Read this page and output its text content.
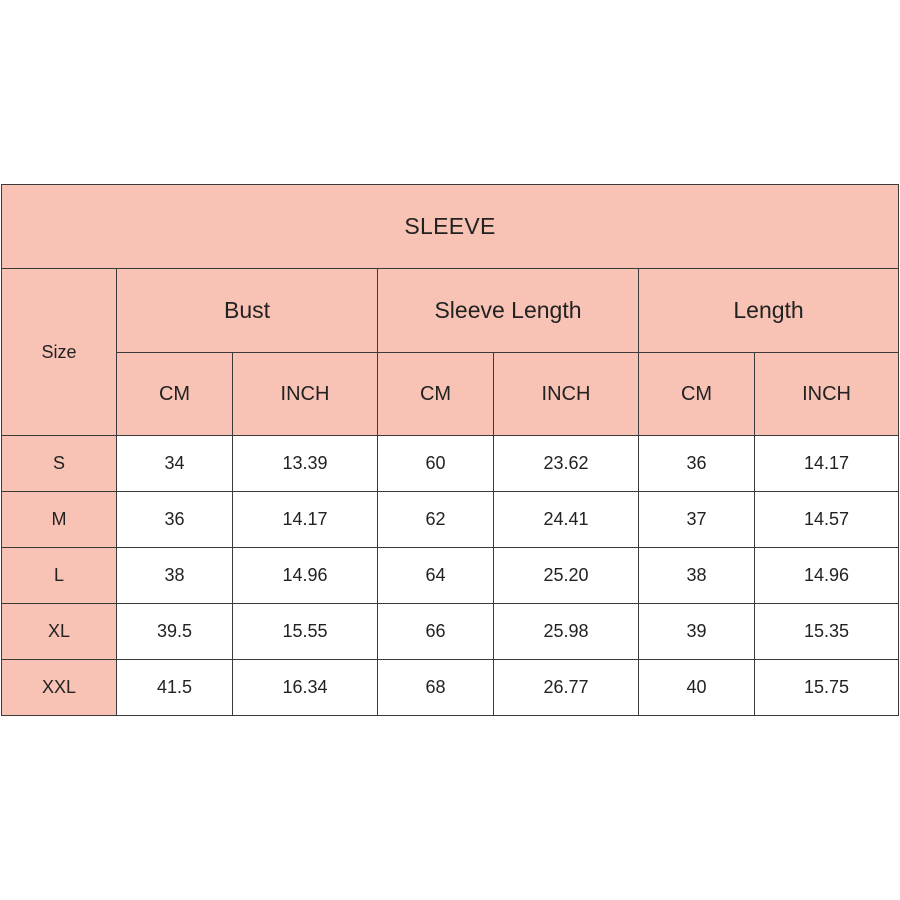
SLEEVE						
Size	Bust		Sleeve Length		Length	
	CM	INCH	CM	INCH	CM	INCH
S	34	13.39	60	23.62	36	14.17
M	36	14.17	62	24.41	37	14.57
L	38	14.96	64	25.20	38	14.96
XL	39.5	15.55	66	25.98	39	15.35
XXL	41.5	16.34	68	26.77	40	15.75
